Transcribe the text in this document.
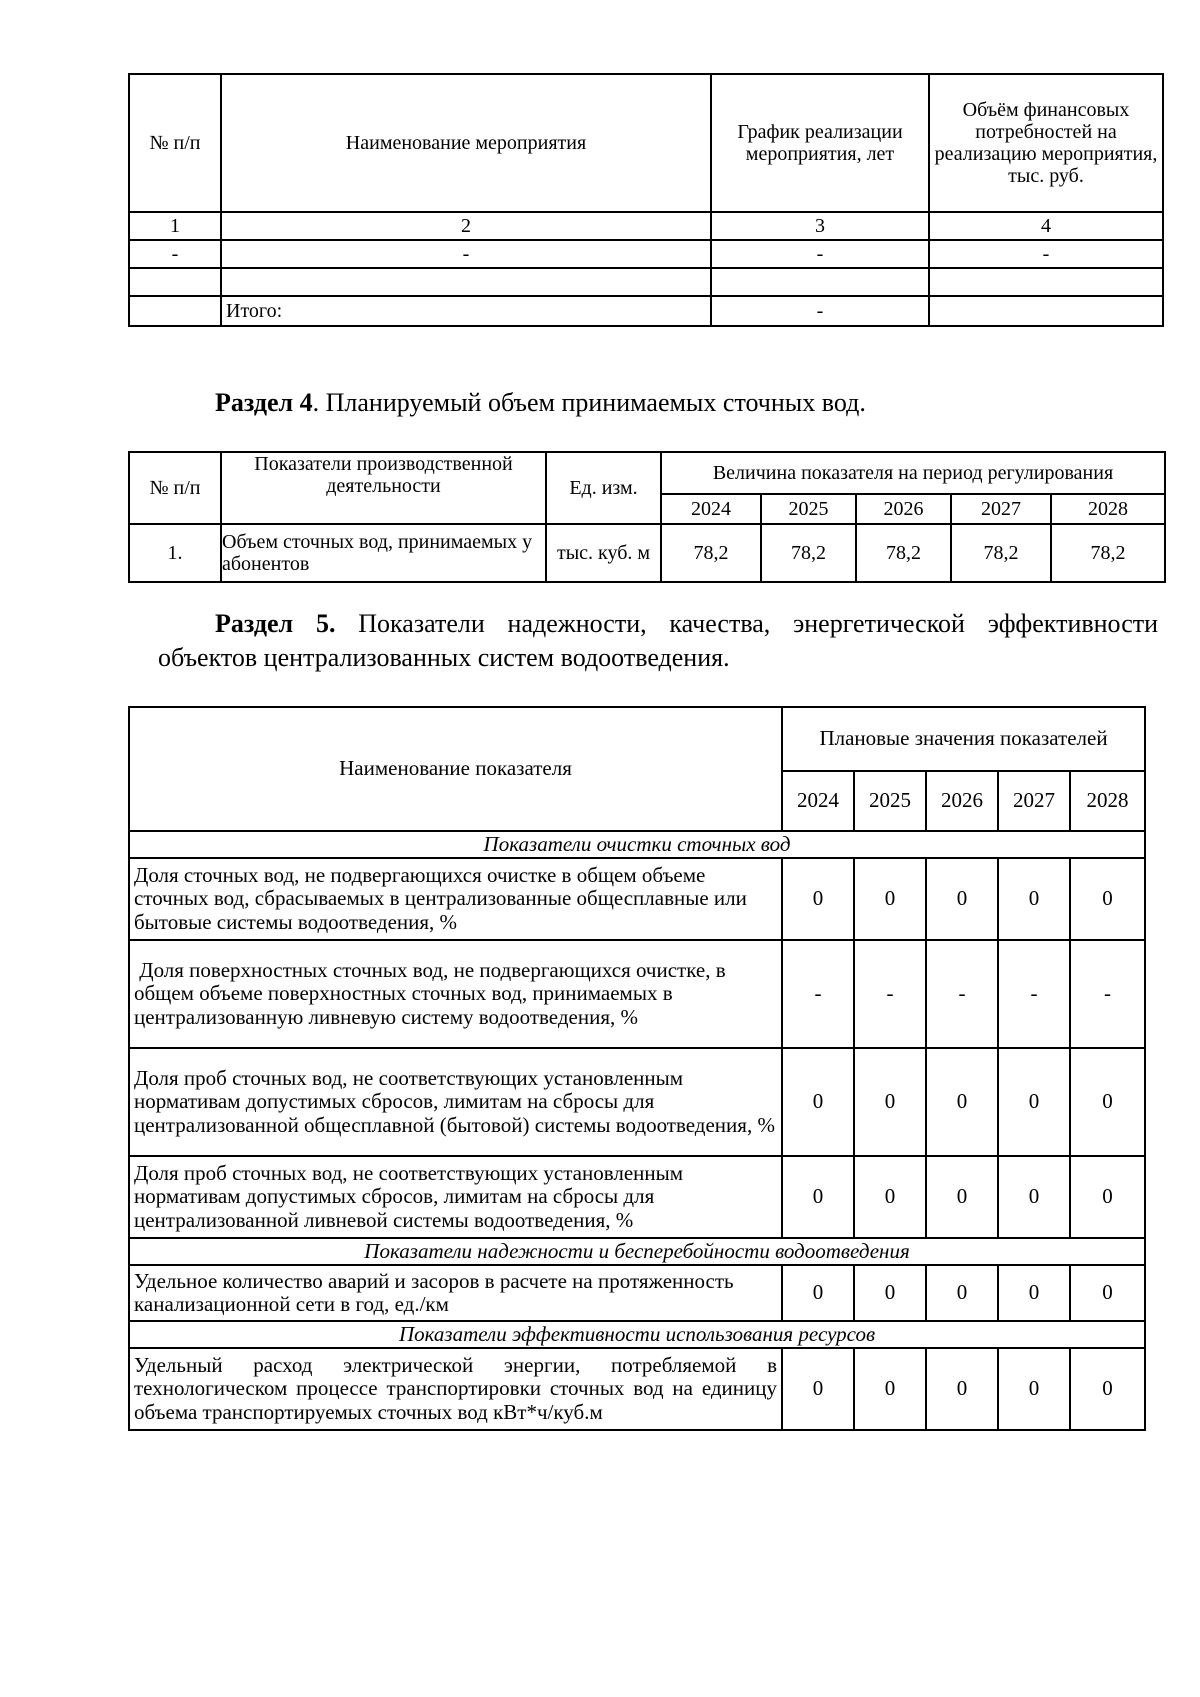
№ п/п	Наименование мероприятия	График реализации мероприятия, лет	Объём финансовых потребностей на реализацию мероприятия, тыс. руб.
1	2	3	4
-	-	-	-

	Итого:	-	
Раздел 4. Планируемый объем принимаемых сточных вод.
№ п/п	Показатели производственной деятельности	Ед. изм.	Величина показателя на период регулирования				
			2024	2025	2026	2027	2028
1.	Объем сточных вод, принимаемых у абонентов	тыс. куб. м	78,2	78,2	78,2	78,2	78,2
Раздел 5. Показатели надежности, качества, энергетической эффективности
объектов централизованных систем водоотведения.
Наименование показателя	Плановые значения показателей				
	2024	2025	2026	2027	2028
Показатели очистки сточных вод					
Доля сточных вод, не подвергающихся очистке в общем объеме сточных вод, сбрасываемых в централизованные общесплавные или бытовые системы водоотведения, %	0	0	0	0	0
Доля поверхностных сточных вод, не подвергающихся очистке, в общем объеме поверхностных сточных вод, принимаемых в централизованную ливневую систему водоотведения, %	-	-	-	-	-
Доля проб сточных вод, не соответствующих установленным нормативам допустимых сбросов, лимитам на сбросы для централизованной общесплавной (бытовой) системы водоотведения, %	0	0	0	0	0
Доля проб сточных вод, не соответствующих установленным нормативам допустимых сбросов, лимитам на сбросы для централизованной ливневой системы водоотведения, %	0	0	0	0	0
Показатели надежности и бесперебойности водоотведения					
Удельное количество аварий и засоров в расчете на протяженность канализационной сети в год, ед./км	0	0	0	0	0
Показатели эффективности использования ресурсов					
Удельный расход электрической энергии, потребляемой в технологическом процессе транспортировки сточных вод на единицу объема транспортируемых сточных вод кВт*ч/куб.м	0	0	0	0	0
